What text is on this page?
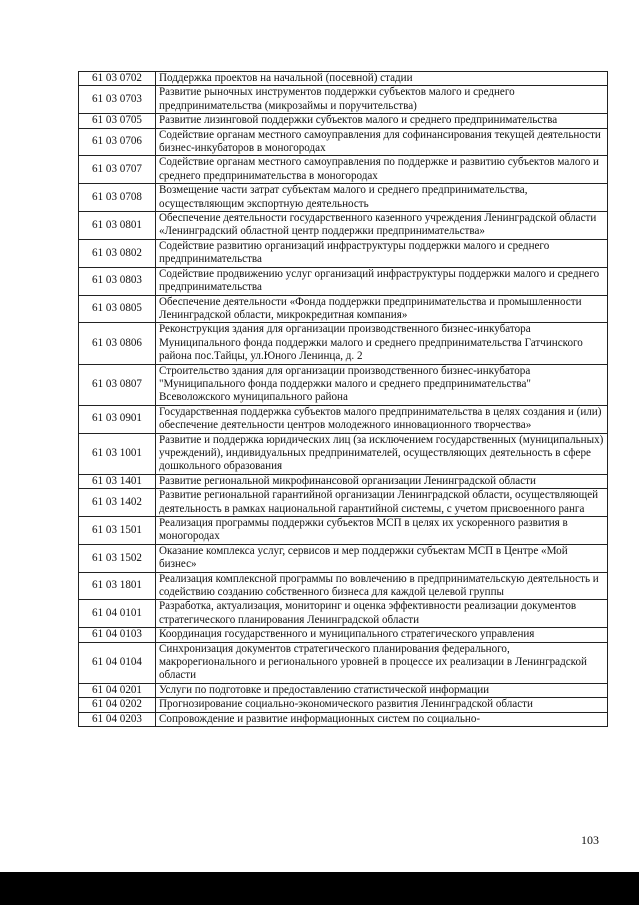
61 03 0702	Поддержка проектов на начальной (посевной) стадии
61 03 0703	Развитие рыночных инструментов поддержки субъектов малого и среднего предпринимательства (микрозаймы и поручительства)
61 03 0705	Развитие лизинговой поддержки субъектов малого и среднего предпринимательства
61 03 0706	Содействие органам местного самоуправления для софинансирования текущей деятельности бизнес-инкубаторов в моногородах
61 03 0707	Содействие органам местного самоуправления по поддержке и развитию субъектов малого и среднего предпринимательства в моногородах
61 03 0708	Возмещение части затрат субъектам малого и среднего предпринимательства, осуществляющим экспортную деятельность
61 03 0801	Обеспечение деятельности государственного казенного учреждения Ленинградской области «Ленинградский областной центр поддержки предпринимательства»
61 03 0802	Содействие развитию организаций инфраструктуры поддержки малого и среднего предпринимательства
61 03 0803	Содействие продвижению услуг организаций инфраструктуры поддержки малого и среднего предпринимательства
61 03 0805	Обеспечение деятельности «Фонда поддержки предпринимательства и промышленности Ленинградской области, микрокредитная компания»
61 03 0806	Реконструкция здания для организации производственного бизнес-инкубатора Муниципального фонда поддержки малого и среднего предпринимательства Гатчинского района пос.Тайцы, ул.Юного Ленинца, д. 2
61 03 0807	Строительство здания для организации производственного бизнес-инкубатора "Муниципального фонда поддержки малого и среднего предпринимательства" Всеволожского муниципального района
61 03 0901	Государственная поддержка субъектов малого предпринимательства в целях создания и (или) обеспечение деятельности центров молодежного инновационного творчества»
61 03 1001	Развитие и поддержка юридических лиц (за исключением государственных (муниципальных) учреждений), индивидуальных предпринимателей, осуществляющих деятельность в сфере дошкольного образования
61 03 1401	Развитие региональной микрофинансовой организации Ленинградской области
61 03 1402	Развитие региональной гарантийной организации Ленинградской области, осуществляющей деятельность в рамках национальной гарантийной системы, с учетом присвоенного ранга
61 03 1501	Реализация программы поддержки субъектов МСП в целях их ускоренного развития в моногородах
61 03 1502	Оказание комплекса услуг, сервисов и мер поддержки субъектам МСП в Центре «Мой бизнес»
61 03 1801	Реализация комплексной программы по вовлечению в предпринимательскую деятельность и содействию созданию собственного бизнеса для каждой целевой группы
61 04 0101	Разработка, актуализация, мониторинг и оценка эффективности реализации документов стратегического планирования Ленинградской области
61 04 0103	Координация государственного и муниципального стратегического управления
61 04 0104	Синхронизация документов стратегического планирования федерального, макрорегионального и регионального уровней в процессе их реализации в Ленинградской области
61 04 0201	Услуги по подготовке и предоставлению статистической информации
61 04 0202	Прогнозирование социально-экономического развития Ленинградской области
61 04 0203	Сопровождение и развитие информационных систем по социально-
103
